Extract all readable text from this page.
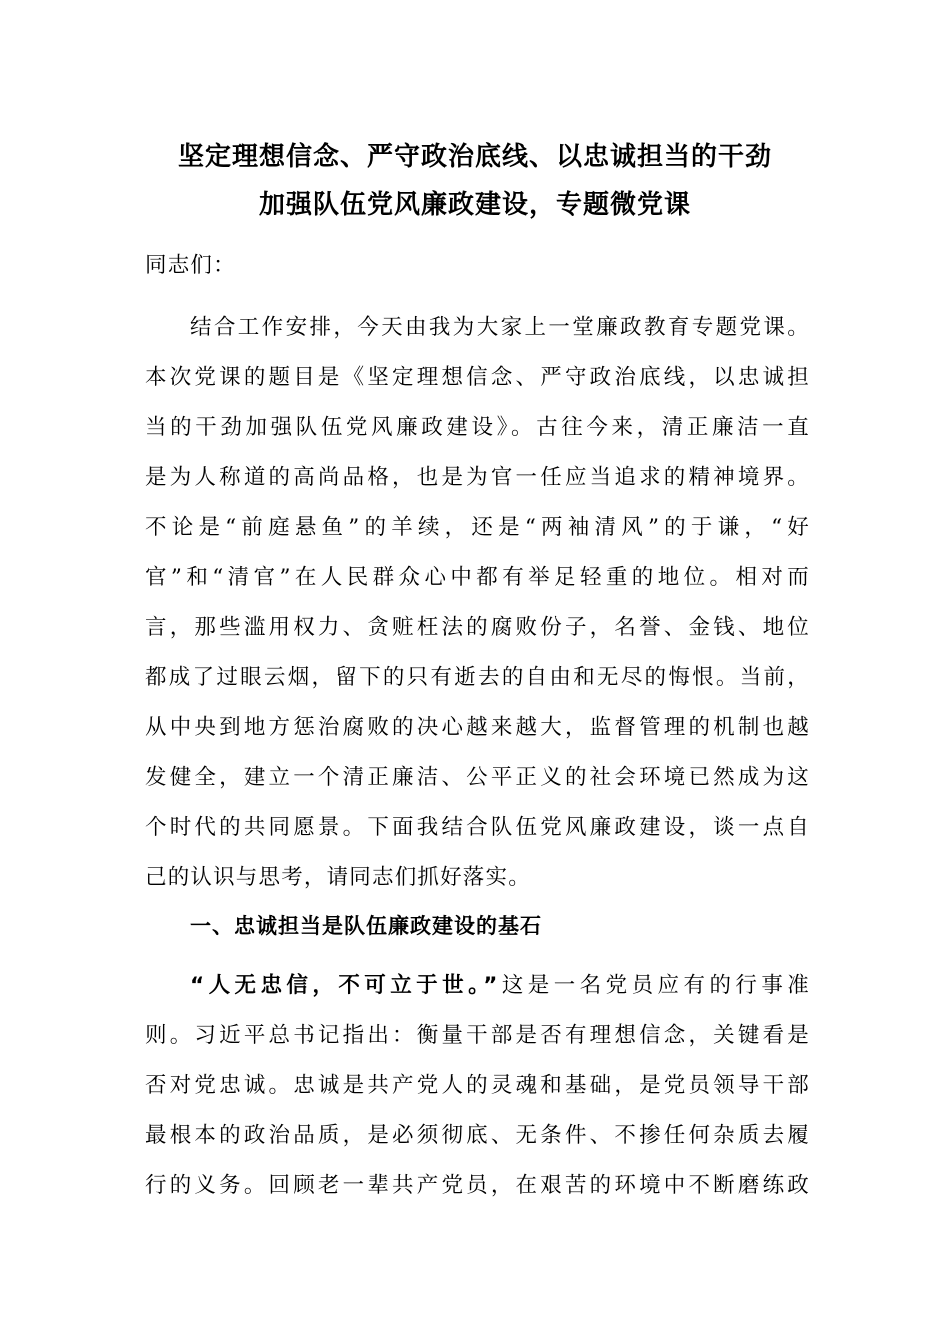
坚定理想信念、严守政治底线、以忠诚担当的干劲
加强队伍党风廉政建设，专题微党课
同志们：
结合工作安排，今天由我为大家上一堂廉政教育专题党课。
本次党课的题目是《坚定理想信念、严守政治底线，以忠诚担
当的干劲加强队伍党风廉政建设》。古往今来，清正廉洁一直
是为人称道的高尚品格，也是为官一任应当追求的精神境界。
不论是“前庭悬鱼”的羊续，还是“两袖清风”的于谦，“好
官”和“清官”在人民群众心中都有举足轻重的地位。相对而
言，那些滥用权力、贪赃枉法的腐败份子，名誉、金钱、地位
都成了过眼云烟，留下的只有逝去的自由和无尽的悔恨。当前，
从中央到地方惩治腐败的决心越来越大，监督管理的机制也越
发健全，建立一个清正廉洁、公平正义的社会环境已然成为这
个时代的共同愿景。下面我结合队伍党风廉政建设，谈一点自
己的认识与思考，请同志们抓好落实。
一、忠诚担当是队伍廉政建设的基石
“人无忠信，不可立于世。”这是一名党员应有的行事准
则。习近平总书记指出：衡量干部是否有理想信念，关键看是
否对党忠诚。忠诚是共产党人的灵魂和基础，是党员领导干部
最根本的政治品质，是必须彻底、无条件、不掺任何杂质去履
行的义务。回顾老一辈共产党员，在艰苦的环境中不断磨练政
